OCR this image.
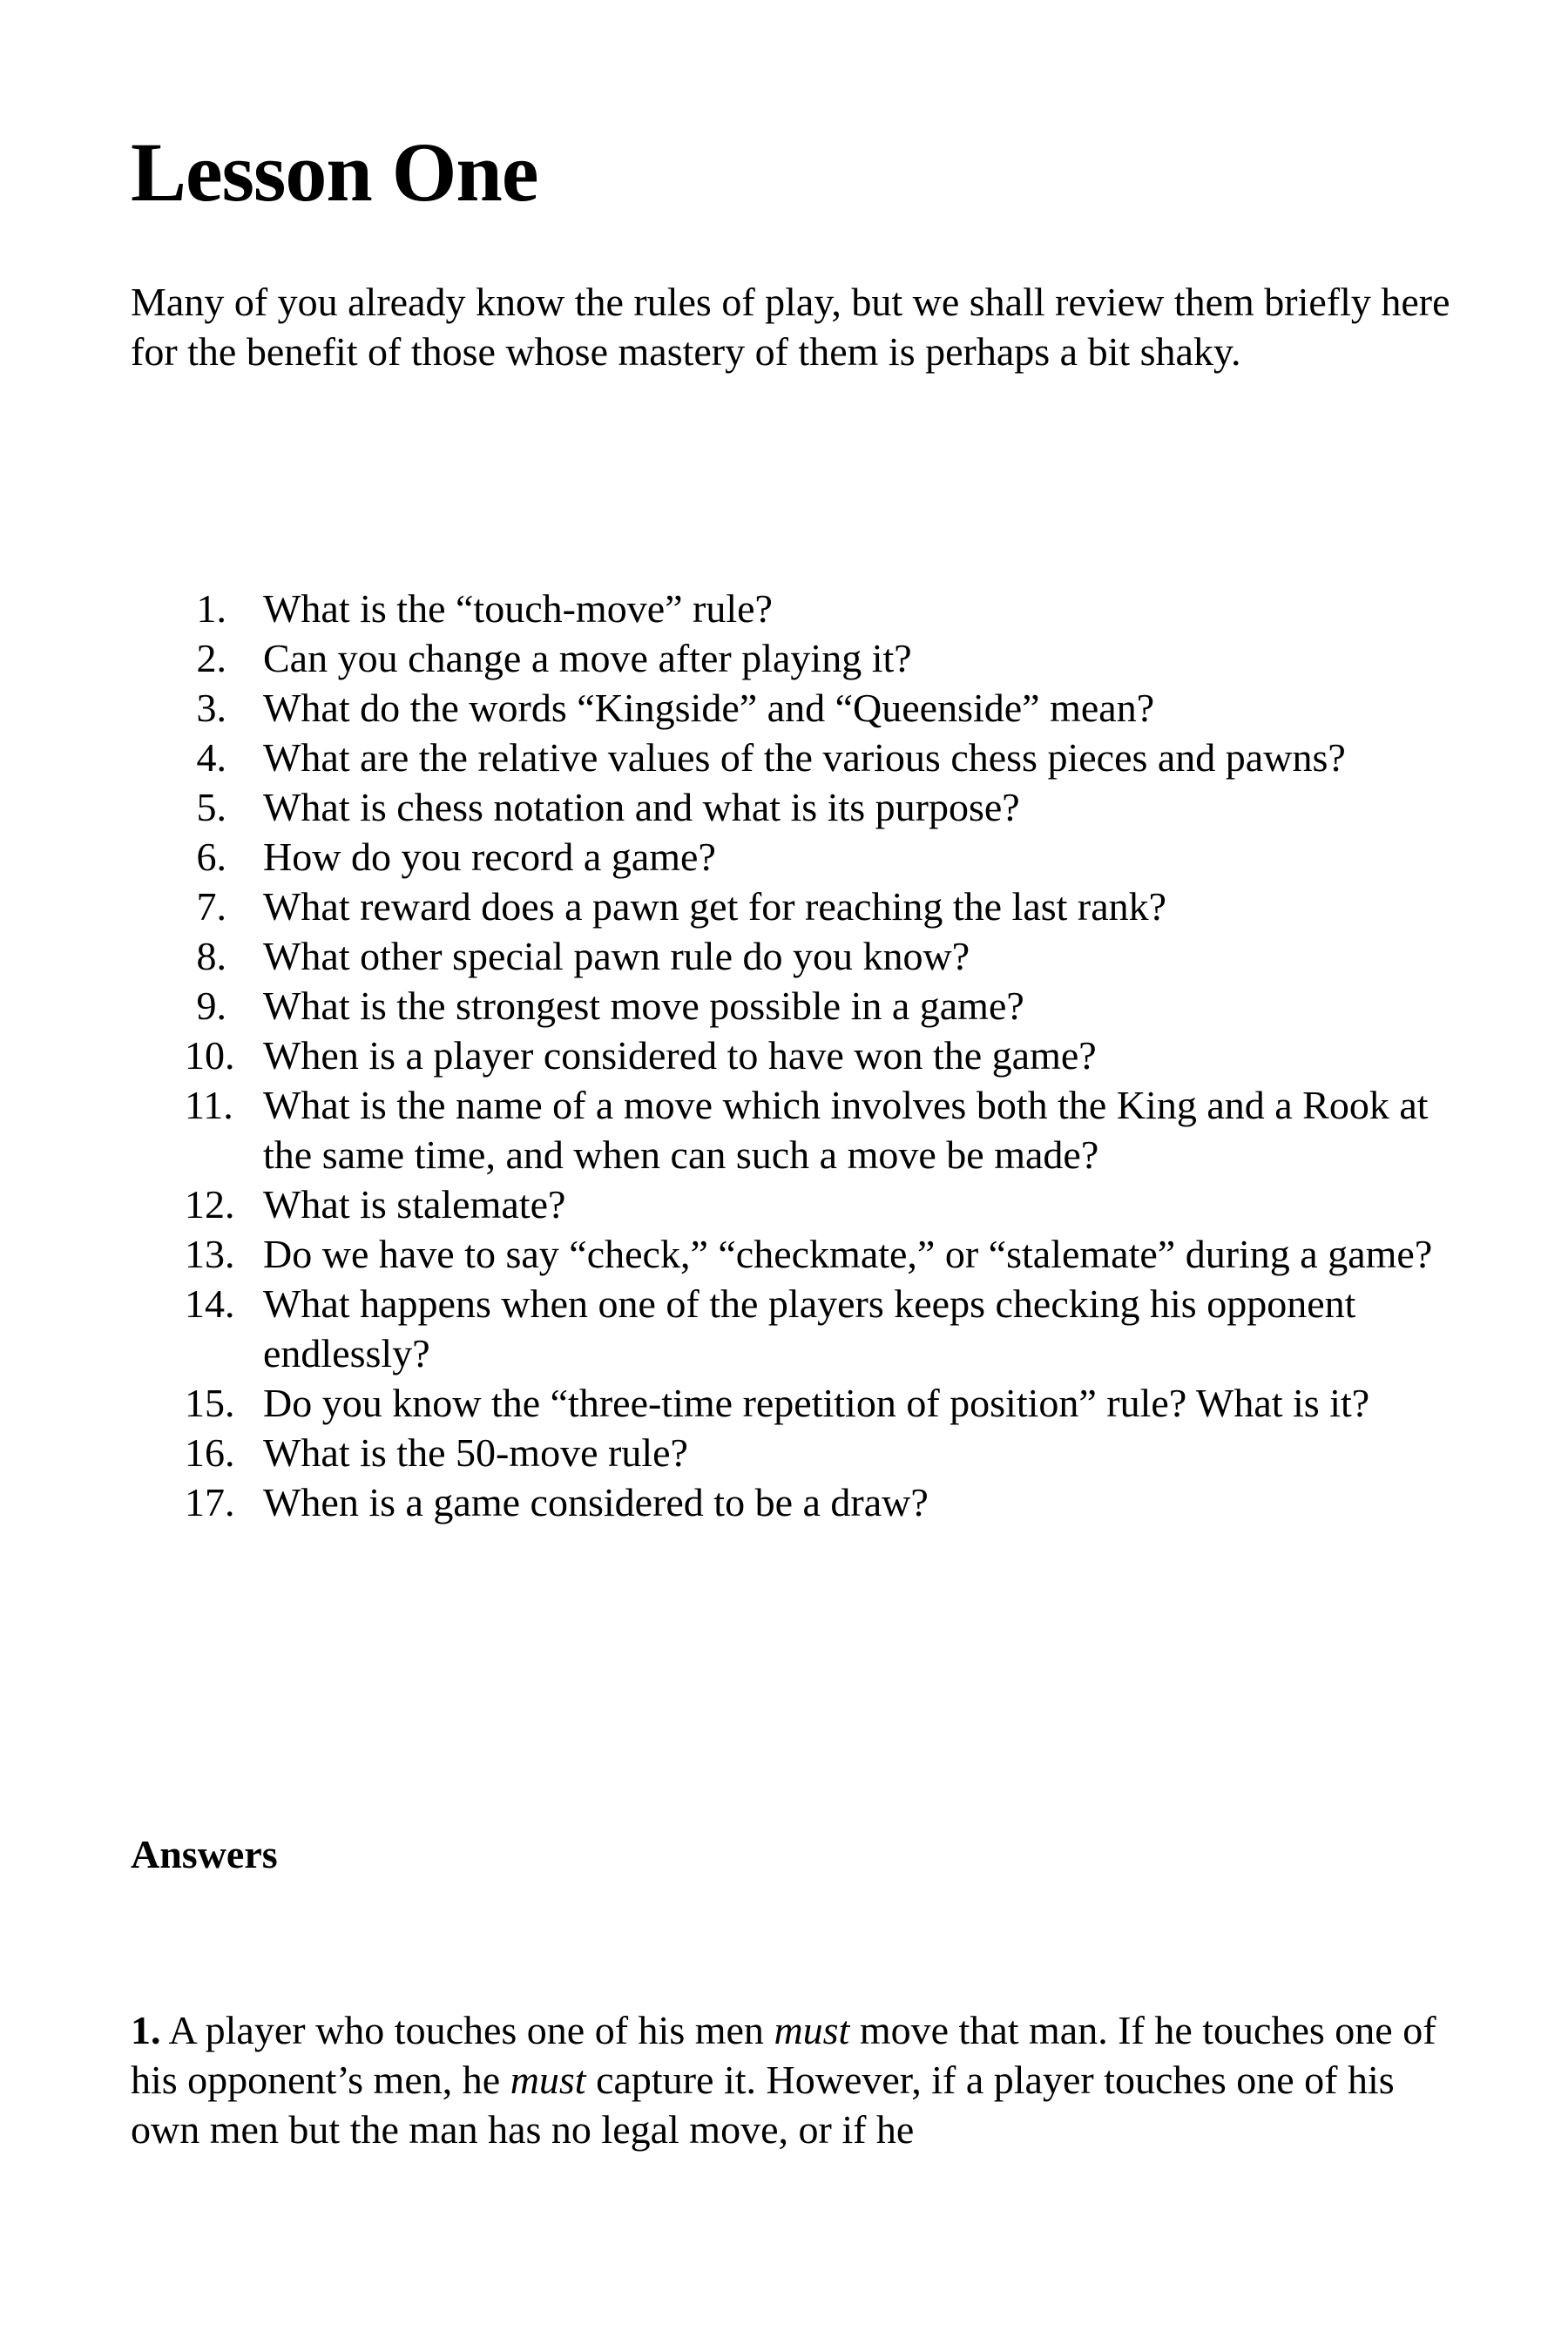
Lesson One

Many of you already know the rules of play, but we shall review them briefly here for the benefit of those whose mastery of them is perhaps a bit shaky.

1. What is the “touch-move” rule?
2. Can you change a move after playing it?
3. What do the words “Kingside” and “Queenside” mean?
4. What are the relative values of the various chess pieces and pawns?
5. What is chess notation and what is its purpose?
6. How do you record a game?
7. What reward does a pawn get for reaching the last rank?
8. What other special pawn rule do you know?
9. What is the strongest move possible in a game?
10. When is a player considered to have won the game?
11. What is the name of a move which involves both the King and a Rook at the same time, and when can such a move be made?
12. What is stalemate?
13. Do we have to say “check,” “checkmate,” or “stalemate” during a game?
14. What happens when one of the players keeps checking his opponent endlessly?
15. Do you know the “three-time repetition of position” rule? What is it?
16. What is the 50-move rule?
17. When is a game considered to be a draw?
Answers

1. A player who touches one of his men must move that man. If he touches one of his opponent’s men, he must capture it. However, if a player touches one of his own men but the man has no legal move, or if he
